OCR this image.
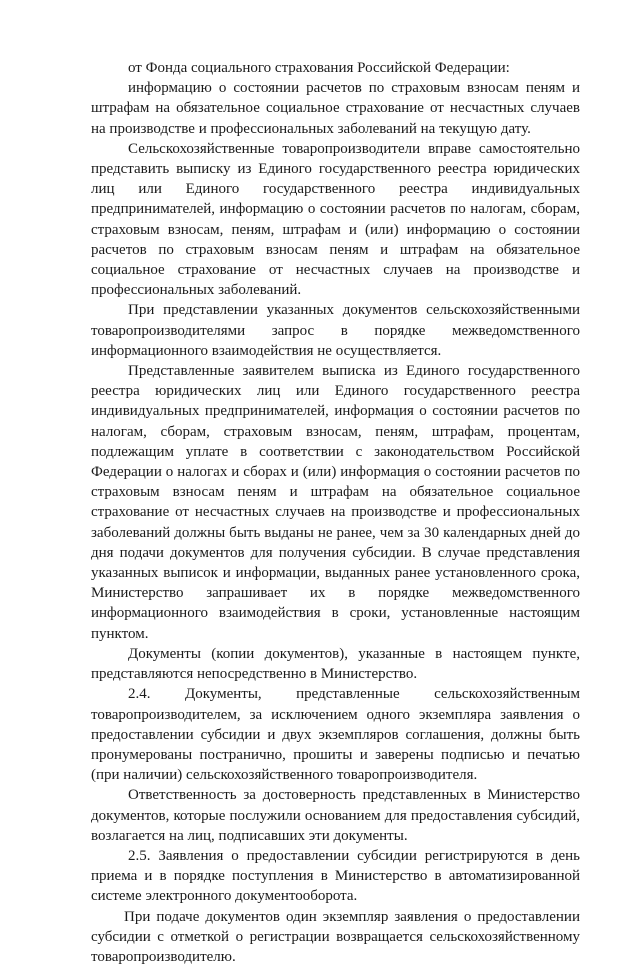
от Фонда социального страхования Российской Федерации:

информацию о состоянии расчетов по страховым взносам пеням и штрафам на обязательное социальное страхование от несчастных случаев на производстве и профессиональных заболеваний на текущую дату.

Сельскохозяйственные товаропроизводители вправе самостоятельно представить выписку из Единого государственного реестра юридических лиц или Единого государственного реестра индивидуальных предпринимателей, информацию о состоянии расчетов по налогам, сборам, страховым взносам, пеням, штрафам и (или) информацию о состоянии расчетов по страховым взносам пеням и штрафам на обязательное социальное страхование от несчастных случаев на производстве и профессиональных заболеваний.

При представлении указанных документов сельскохозяйственными товаропроизводителями запрос в порядке межведомственного информационного взаимодействия не осуществляется.

Представленные заявителем выписка из Единого государственного реестра юридических лиц или Единого государственного реестра индивидуальных предпринимателей, информация о состоянии расчетов по налогам, сборам, страховым взносам, пеням, штрафам, процентам, подлежащим уплате в соответствии с законодательством Российской Федерации о налогах и сборах и (или) информация о состоянии расчетов по страховым взносам пеням и штрафам на обязательное социальное страхование от несчастных случаев на производстве и профессиональных заболеваний должны быть выданы не ранее, чем за 30 календарных дней до дня подачи документов для получения субсидии. В случае представления указанных выписок и информации, выданных ранее установленного срока, Министерство запрашивает их в порядке межведомственного информационного взаимодействия в сроки, установленные настоящим пунктом.

Документы (копии документов), указанные в настоящем пункте, представляются непосредственно в Министерство.

2.4. Документы, представленные сельскохозяйственным товаропроизводителем, за исключением одного экземпляра заявления о предоставлении субсидии и двух экземпляров соглашения, должны быть пронумерованы постранично, прошиты и заверены подписью и печатью (при наличии) сельскохозяйственного товаропроизводителя.

Ответственность за достоверность представленных в Министерство документов, которые послужили основанием для предоставления субсидий, возлагается на лиц, подписавших эти документы.

2.5. Заявления о предоставлении субсидии регистрируются в день приема и в порядке поступления в Министерство в автоматизированной системе электронного документооборота.

При подаче документов один экземпляр заявления о предоставлении субсидии с отметкой о регистрации возвращается сельскохозяйственному товаропроизводителю.
